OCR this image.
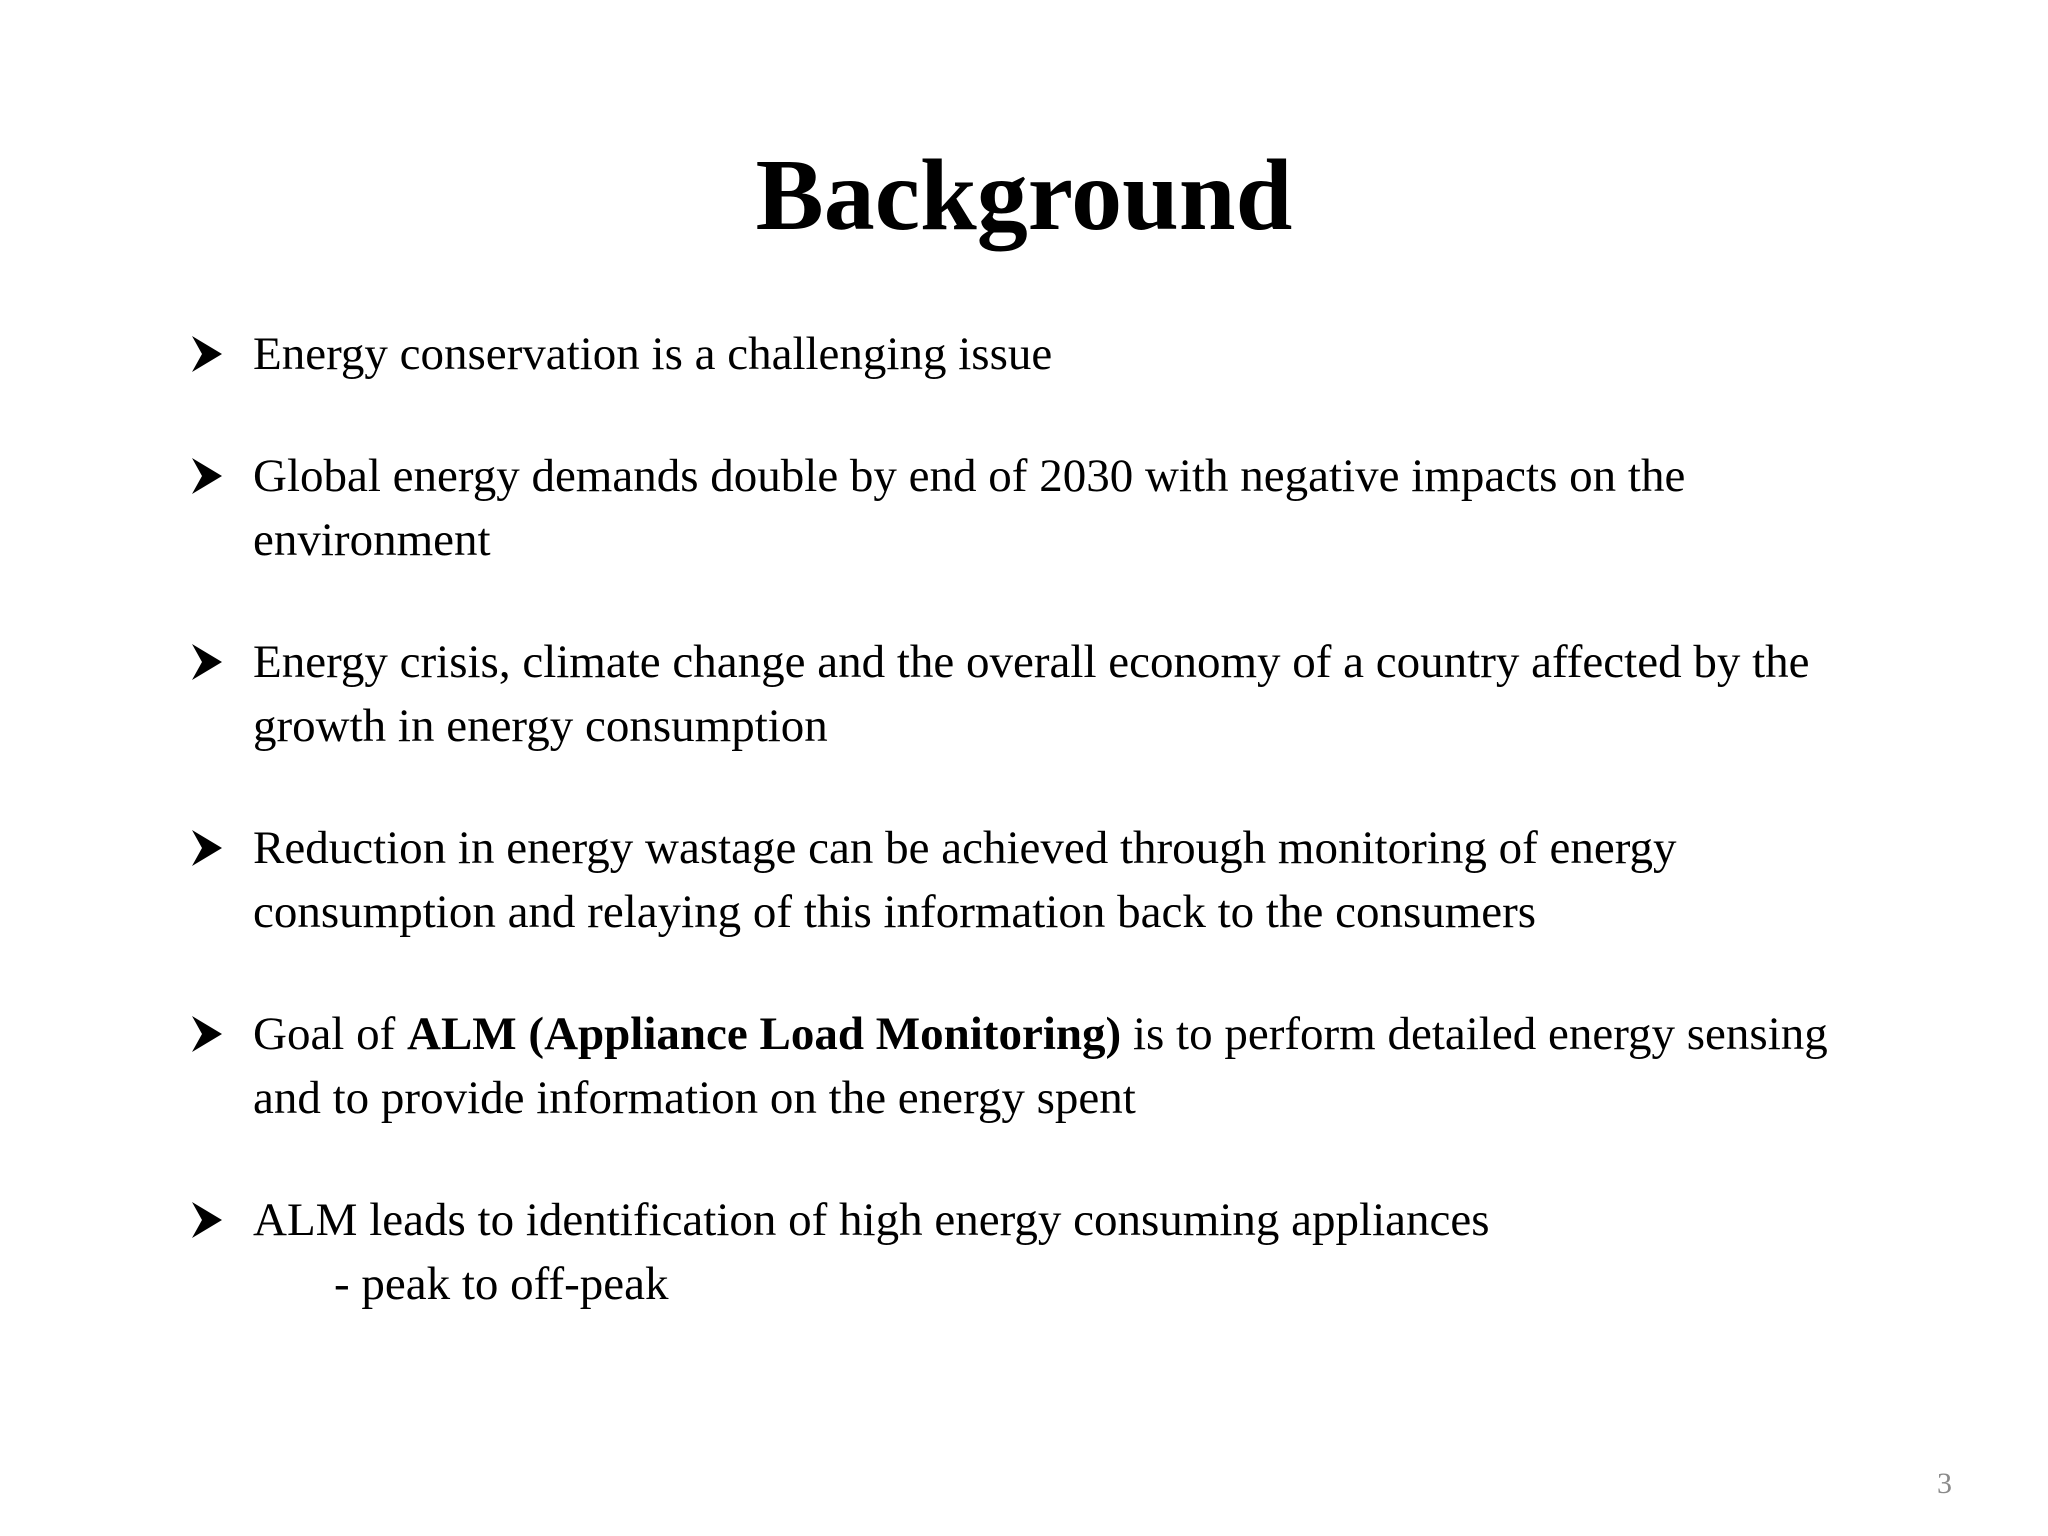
Background
Energy conservation is a challenging issue
Global energy demands double by end of 2030 with negative impacts on the environment
Energy crisis, climate change and the overall economy of a country affected by the growth in energy consumption
Reduction in energy wastage can be achieved through monitoring of energy consumption and relaying of this information back to the consumers
Goal of ALM (Appliance Load Monitoring) is to perform detailed energy sensing and to provide information on the energy spent
ALM leads to identification of high energy consuming appliances
- peak to off-peak
3
